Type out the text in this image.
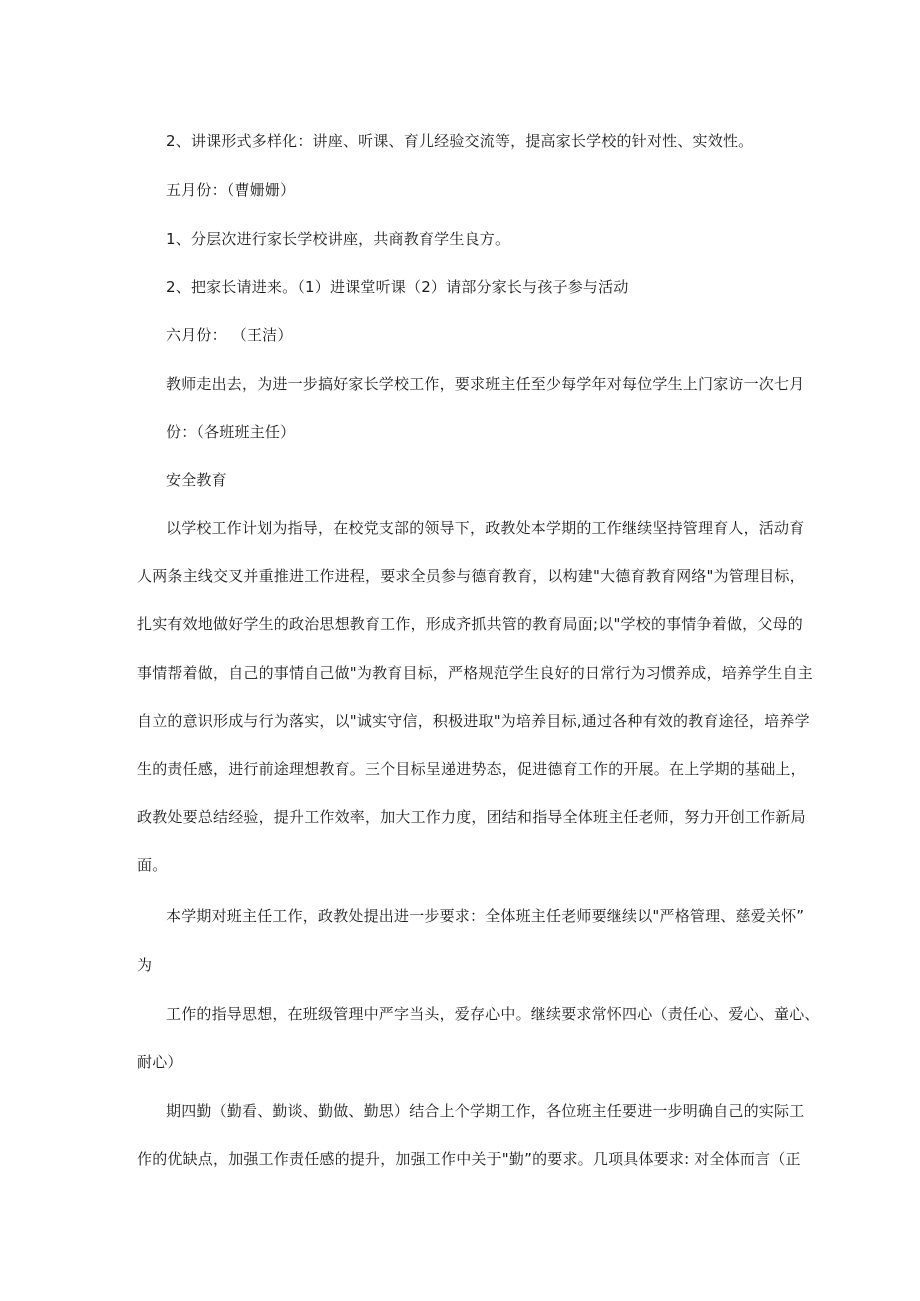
2、讲课形式多样化：讲座、听课、育儿经验交流等，提高家长学校的针对性、实效性。
五月份：（曹姗姗）
1、分层次进行家长学校讲座，共商教育学生良方。
2、把家长请进来。（1）进课堂听课（2）请部分家长与孩子参与活动
六月份： （王洁）
教师走出去，为进一步搞好家长学校工作，要求班主任至少每学年对每位学生上门家访一次七月
份：（各班班主任）
安全教育
以学校工作计划为指导，在校党支部的领导下，政教处本学期的工作继续坚持管理育人，活动育
人两条主线交叉并重推进工作进程，要求全员参与德育教育，以构建"大德育教育网络"为管理目标，
扎实有效地做好学生的政治思想教育工作，形成齐抓共管的教育局面;以"学校的事情争着做，父母的
事情帮着做，自己的事情自己做"为教育目标，严格规范学生良好的日常行为习惯养成，培养学生自主
自立的意识形成与行为落实，以"诚实守信，积极进取"为培养目标,通过各种有效的教育途径，培养学
生的责任感，进行前途理想教育。三个目标呈递进势态，促进德育工作的开展。在上学期的基础上，
政教处要总结经验，提升工作效率，加大工作力度，团结和指导全体班主任老师，努力开创工作新局
面。
本学期对班主任工作，政教处提出进一步要求：全体班主任老师要继续以"严格管理、慈爱关怀”
为
工作的指导思想，在班级管理中严字当头，爱存心中。继续要求常怀四心（责任心、爱心、童心、
耐心）
期四勤（勤看、勤谈、勤做、勤思）结合上个学期工作，各位班主任要进一步明确自己的实际工
作的优缺点，加强工作责任感的提升，加强工作中关于"勤”的要求。几项具体要求: 对全体而言（正
